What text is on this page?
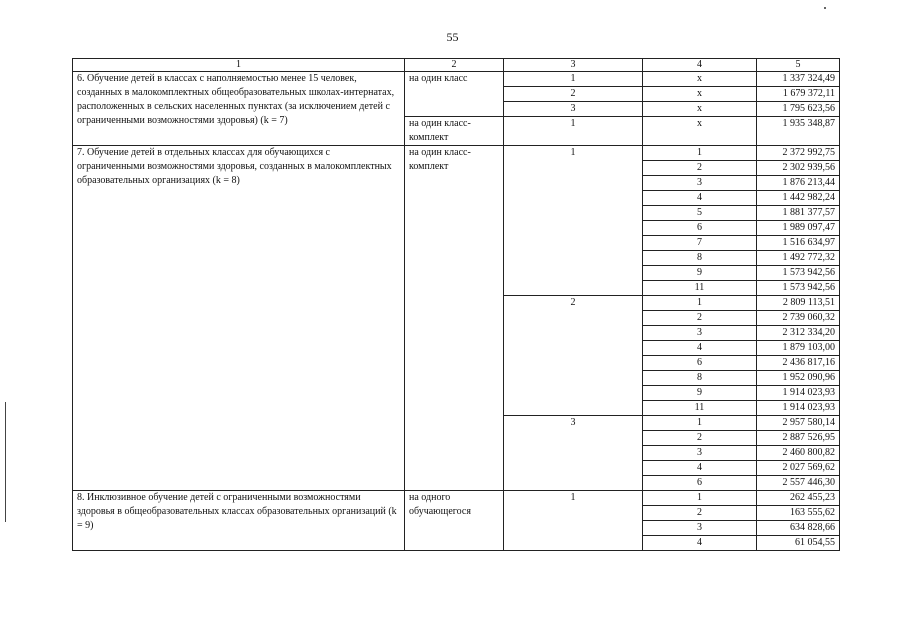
55
1	2	3	4	5
6. Обучение детей в классах с наполняемостью менее 15 человек, созданных в малокомплектных общеобразовательных школах-интернатах, расположенных в сельских населенных пунктах (за исключением детей с ограниченными возможностями здоровья) (k = 7)	на один класс	1	х	1 337 324,49
		2	х	1 679 372,11
		3	х	1 795 623,56
	на один класс-комплект	1	х	1 935 348,87
7. Обучение детей в отдельных классах для обучающихся с ограниченными возможностями здоровья, созданных в малокомплектных образовательных организациях (k = 8)	на один класс-комплект	1	1	2 372 992,75
			2	2 302 939,56
			3	1 876 213,44
			4	1 442 982,24
			5	1 881 377,57
			6	1 989 097,47
			7	1 516 634,97
			8	1 492 772,32
			9	1 573 942,56
			11	1 573 942,56
		2	1	2 809 113,51
			2	2 739 060,32
			3	2 312 334,20
			4	1 879 103,00
			6	2 436 817,16
			8	1 952 090,96
			9	1 914 023,93
			11	1 914 023,93
		3	1	2 957 580,14
			2	2 887 526,95
			3	2 460 800,82
			4	2 027 569,62
			6	2 557 446,30
8. Инклюзивное обучение детей с ограниченными возможностями здоровья в общеобразовательных классах образовательных организаций (k = 9)	на одного обучающегося	1	1	262 455,23
			2	163 555,62
			3	634 828,66
			4	61 054,55
